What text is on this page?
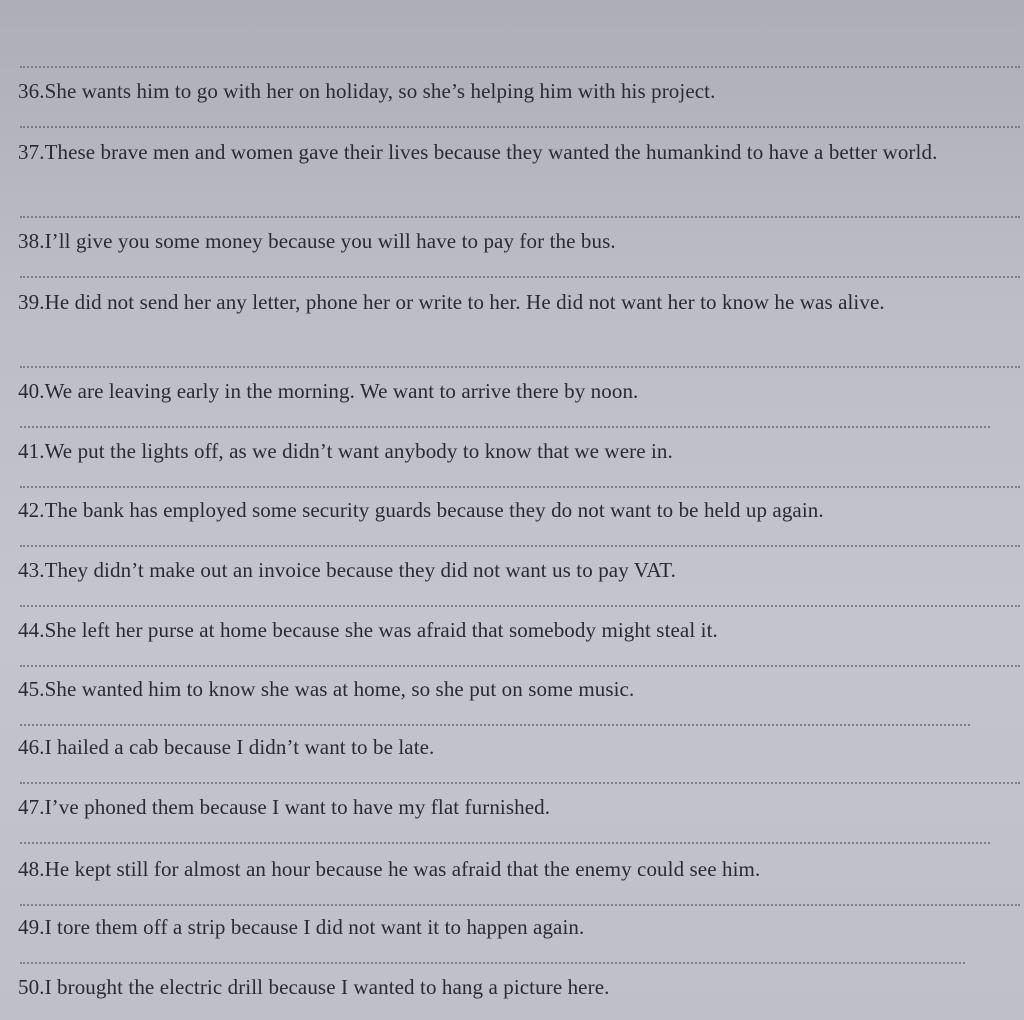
36.She wants him to go with her on holiday, so she’s helping him with his project.

37.These brave men and women gave their lives because they wanted the humankind to have a better world.

38.I’ll give you some money because you will have to pay for the bus.

39.He did not send her any letter, phone her or write to her. He did not want her to know he was alive.

40.We are leaving early in the morning. We want to arrive there by noon.

41.We put the lights off, as we didn’t want anybody to know that we were in.

42.The bank has employed some security guards because they do not want to be held up again.

43.They didn’t make out an invoice because they did not want us to pay VAT.

44.She left her purse at home because she was afraid that somebody might steal it.

45.She wanted him to know she was at home, so she put on some music.

46.I hailed a cab because I didn’t want to be late.

47.I’ve phoned them because I want to have my flat furnished.

48.He kept still for almost an hour because he was afraid that the enemy could see him.

49.I tore them off a strip because I did not want it to happen again.

50.I brought the electric drill because I wanted to hang a picture here.
